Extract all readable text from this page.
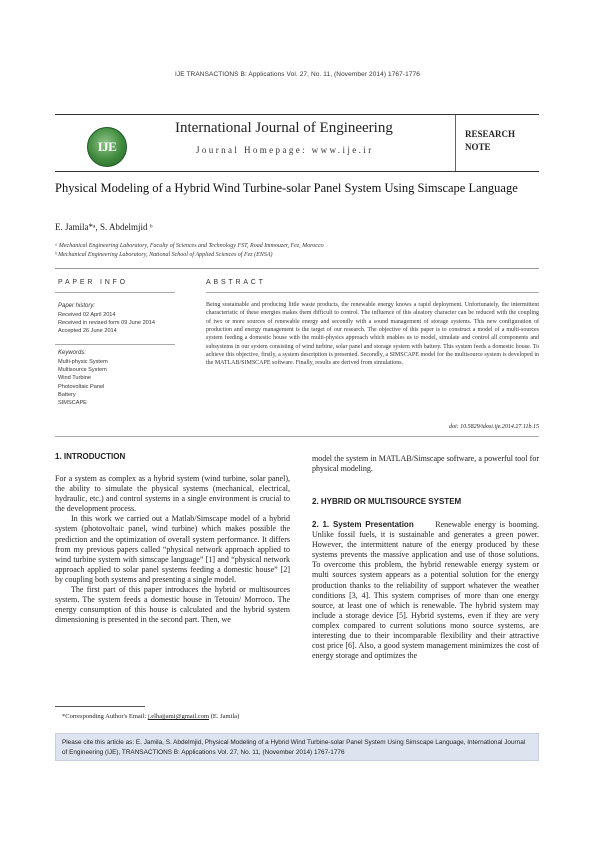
IJE TRANSACTIONS B: Applications Vol. 27, No. 11, (November 2014) 1767-1776
IJE
International Journal of Engineering
Journal Homepage: www.ije.ir
RESEARCH
NOTE
Physical Modeling of a Hybrid Wind Turbine-solar Panel System Using Simscape Language
E. Jamila*ᵃ, S. Abdelmjid ᵇ
ᵃ Mechanical Engineering Laboratory, Faculty of Sciences and Technology FST, Road Immouzer, Fez, Morocco
ᵇ Mechanical Engineering Laboratory, National School of Applied Sciences of Fez (ENSA)
PAPER INFO	ABSTRACT
Paper history:
Received 02 April 2014
Received in revised form 09 June 2014
Accepted 26 June 2014
Keywords:
Multi-physic System
Multisource System
Wind Turbine
Photovoltaic Panel
Battery
SIMSCAPE
Being sustainable and producing little waste products, the renewable energy knows a rapid deployment. Unfortunately, the intermittent characteristic of these energies makes them difficult to control. The influence of this aleatory character can be reduced with the coupling of two or more sources of renewable energy and secondly with a sound management of storage systems. This new configuration of production and energy management is the target of our research. The objective of this paper is to construct a model of a multi-sources system feeding a domestic house with the multi-physics approach which enables us to model, simulate and control all components and subsystems in our system consisting of wind turbine, solar panel and storage system with battery. This system feeds a domestic house. To achieve this objective, firstly, a system description is presented. Secondly, a SIMSCAPE model for the multisource system is developed in the MATLAB/SIMSCAPE software. Finally, results are derived from simulations.
doi: 10.5829/idosi.ije.2014.27.11b.15
1. INTRODUCTION

For a system as complex as a hybrid system (wind turbine, solar panel), the ability to simulate the physical systems (mechanical, electrical, hydraulic, etc.) and control systems in a single environment is crucial to the development process.

In this work we carried out a Matlab/Simscape model of a hybrid system (photovoltaic panel, wind turbine) which makes possible the prediction and the optimization of overall system performance. It differs from my previous papers called “physical network approach applied to wind turbine system with simscape language” [1] and “physical network approach applied to solar panel systems feeding a domestic house” [2] by coupling both systems and presenting a single model.

The first part of this paper introduces the hybrid or multisources system. The system feeds a domestic house in Tetouin/ Morroco. The energy consumption of this house is calculated and the hybrid system dimensioning is presented in the second part. Then, we

model the system in MATLAB/Simscape software, a powerful tool for physical modeling.

2. HYBRID OR MULTISOURCE SYSTEM

2. 1. System Presentation	Renewable energy is booming. Unlike fossil fuels, it is sustainable and generates a green power. However, the intermittent nature of the energy produced by these systems prevents the massive application and use of those solutions. To overcome this problem, the hybrid renewable energy system or multi sources system appears as a potential solution for the energy production thanks to the reliability of support whatever the weather conditions [3, 4]. This system comprises of more than one energy source, at least one of which is renewable. The hybrid system may include a storage device [5]. Hybrid systems, even if they are very complex compared to current solutions mono source systems, are interesting due to their incomparable flexibility and their attractive cost price [6]. Also, a good system management minimizes the cost of energy storage and optimizes the

*Corresponding Author's Email: j.elhajjami@gmail.com (E. Jamila)
Please cite this article as: E. Jamila, S. Abdelmjid, Physical Modeling of a Hybrid Wind Turbine-solar Panel System Using Simscape Language, International Journal of Engineering (IJE), TRANSACTIONS B: Applications Vol. 27, No. 11, (November 2014) 1767-1776
